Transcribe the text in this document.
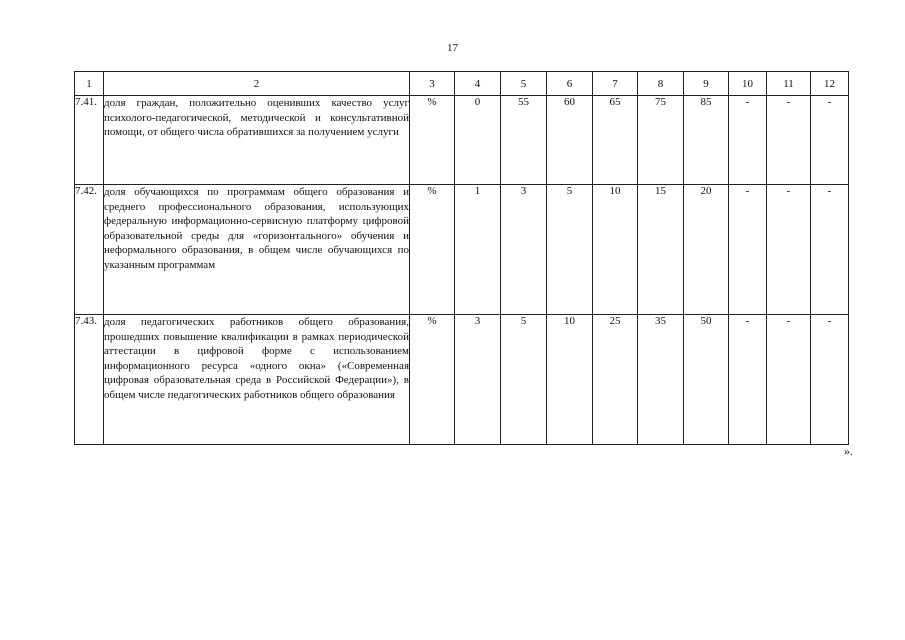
17
1	2	3	4	5	6	7	8	9	10	11	12
7.41.	доля граждан, положительно оценивших качество услуг психолого-педагогической, методической и консультативной помощи, от общего числа обратившихся за получением услуги	%	0	55	60	65	75	85	-	-	-
7.42.	доля обучающихся по программам общего образования и среднего профессионального образования, использующих федеральную информационно-сервисную платформу цифровой образовательной среды для «горизонтального» обучения и неформального образования, в общем числе обучающихся по указанным программам	%	1	3	5	10	15	20	-	-	-
7.43.	доля педагогических работников общего образования, прошедших повышение квалификации в рамках периодической аттестации в цифровой форме с использованием информационного ресурса «одного окна» («Современная цифровая образовательная среда в Российской Федерации»), в общем числе педагогических работников общего образования	%	3	5	10	25	35	50	-	-	-
».
